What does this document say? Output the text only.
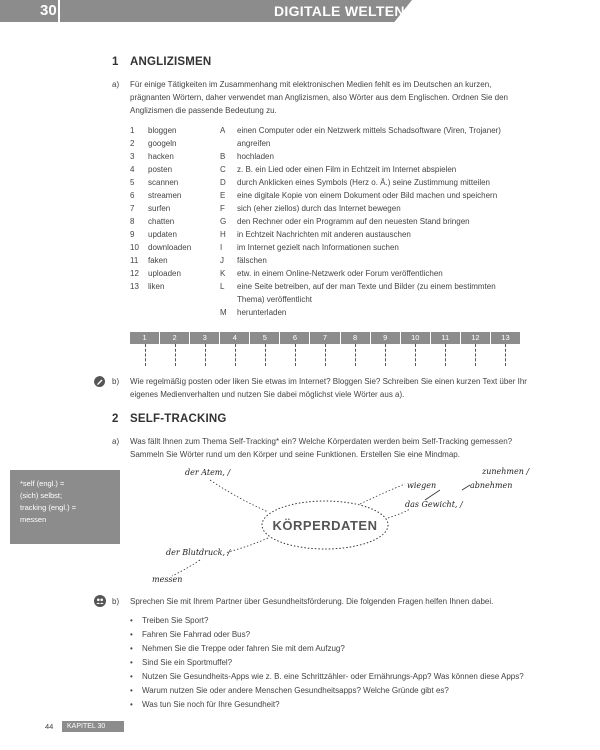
30	DIGITALE WELTEN
1 ANGLIZISMEN
a) Für einige Tätigkeiten im Zusammenhang mit elektronischen Medien fehlt es im Deutschen an kurzen,
prägnanten Wörtern, daher verwendet man Anglizismen, also Wörter aus dem Englischen. Ordnen Sie den
Anglizismen die passende Bedeutung zu.
1 bloggen	A einen Computer oder ein Netzwerk mittels Schadsoftware (Viren, Trojaner)
2 googeln	angreifen
3 hacken	B hochladen
4 posten	C z. B. ein Lied oder einen Film in Echtzeit im Internet abspielen
5 scannen	D durch Anklicken eines Symbols (Herz o. Ä.) seine Zustimmung mitteilen
6 streamen	E eine digitale Kopie von einem Dokument oder Bild machen und speichern
7 surfen	F sich (eher ziellos) durch das Internet bewegen
8 chatten	G den Rechner oder ein Programm auf den neuesten Stand bringen
9 updaten	H in Echtzeit Nachrichten mit anderen austauschen
10 downloaden	I im Internet gezielt nach Informationen suchen
11 faken	J fälschen
12 uploaden	K etw. in einem Online-Netzwerk oder Forum veröffentlichen
13 liken	L eine Seite betreiben, auf der man Texte und Bilder (zu einem bestimmten
Thema) veröffentlicht
M herunterladen
1	2	3	4	5	6	7	8	9	10	11	12	13
b) Wie regelmäßig posten oder liken Sie etwas im Internet? Bloggen Sie? Schreiben Sie einen kurzen Text über Ihr
eigenes Medienverhalten und nutzen Sie dabei möglichst viele Wörter aus a).
2 SELF-TRACKING
a) Was fällt Ihnen zum Thema Self-Tracking* ein? Welche Körperdaten werden beim Self-Tracking gemessen?
Sammeln Sie Wörter rund um den Körper und seine Funktionen. Erstellen Sie eine Mindmap.
*self (engl.) =
(sich) selbst;
tracking (engl.) =
messen	KÖRPERDATEN
der Atem, /
wiegen
zunehmen /
abnehmen
das Gewicht, /
der Blutdruck, /
messen
b) Sprechen Sie mit Ihrem Partner über Gesundheitsförderung. Die folgenden Fragen helfen Ihnen dabei.
• Treiben Sie Sport?
• Fahren Sie Fahrrad oder Bus?
• Nehmen Sie die Treppe oder fahren Sie mit dem Aufzug?
• Sind Sie ein Sportmuffel?
• Nutzen Sie Gesundheits-Apps wie z. B. eine Schrittzähler- oder Ernährungs-App? Was können diese Apps?
• Warum nutzen Sie oder andere Menschen Gesundheitsapps? Welche Gründe gibt es?
• Was tun Sie noch für Ihre Gesundheit?
44	KAPITEL 30
